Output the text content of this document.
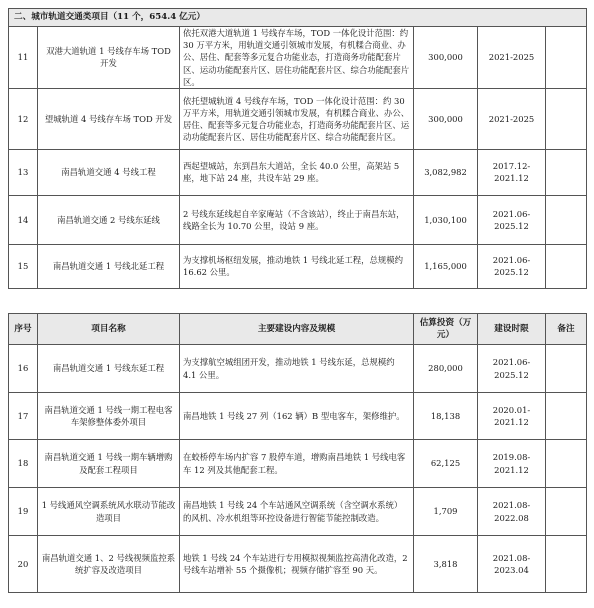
二、城市轨道交通类项目（11 个，654.4 亿元）					
11	双港大道轨道 1 号线存车场 TOD 开发	依托双港大道轨道 1 号线存车场，TOD 一体化设计范围：约 30 万平方米，用轨道交通引领城市发展，有机糅合商业、办公、居住、配套等多元复合功能业态，打造商务功能配套片区、运动功能配套片区、居住功能配套片区、综合功能配套片区。	300,000	2021-2025	
12	望城轨道 4 号线存车场 TOD 开发	依托望城轨道 4 号线存车场，TOD 一体化设计范围：约 30 万平方米，用轨道交通引领城市发展，有机糅合商业、办公、居住、配套等多元复合功能业态，打造商务功能配套片区、运动功能配套片区、居住功能配套片区、综合功能配套片区。	300,000	2021-2025	
13	南昌轨道交通 4 号线工程	西起望城站，东到昌东大道站，全长 40.0 公里，高架站 5 座，地下站 24 座，共设车站 29 座。	3,082,982	2017.12-2021.12	
14	南昌轨道交通 2 号线东延线	2 号线东延线起自辛家庵站（不含该站），终止于南昌东站，线路全长为 10.70 公里，设站 9 座。	1,030,100	2021.06-2025.12	
15	南昌轨道交通 1 号线北延工程	为支撑机场枢纽发展，推动地铁 1 号线北延工程，总规模约 16.62 公里。	1,165,000	2021.06-2025.12	
序号	项目名称	主要建设内容及规模	估算投资（万元）	建设时限	备注
16	南昌轨道交通 1 号线东延工程	为支撑航空城组团开发，推动地铁 1 号线东延，总规模约 4.1 公里。	280,000	2021.06-2025.12	
17	南昌轨道交通 1 号线一期工程电客车架修整体委外项目	南昌地铁 1 号线 27 列（162 辆）B 型电客车，架修维护。	18,138	2020.01-2021.12	
18	南昌轨道交通 1 号线一期车辆增购及配套工程项目	在蛟桥停车场内扩容 7 股停车道，增购南昌地铁 1 号线电客车 12 列及其他配套工程。	62,125	2019.08-2021.12	
19	1 号线通风空调系统风水联动节能改造项目	南昌地铁 1 号线 24 个车站通风空调系统（含空调水系统）的风机、冷水机组等环控设备进行智能节能控制改造。	1,709	2021.08-2022.08	
20	南昌轨道交通 1、2 号线视频监控系统扩容及改造项目	地铁 1 号线 24 个车站进行专用模拟视频监控高清化改造，2 号线车站增补 55 个摄像机；视频存储扩容至 90 天。	3,818	2021.08-2023.04	
